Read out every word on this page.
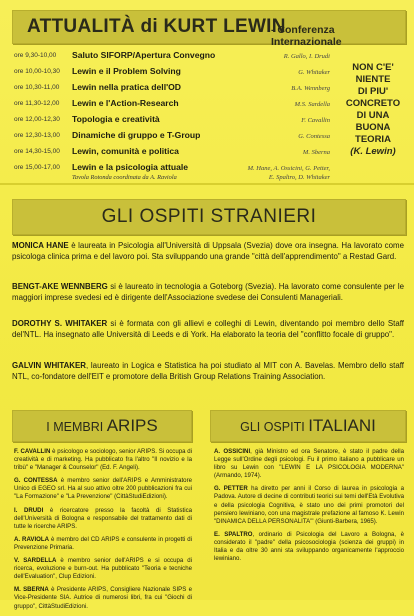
ATTUALITÀ di KURT LEWIN
- Conferenza Internazionale
ore 9,30-10,00 Saluto SIFORP/Apertura Convegno	R. Gallo, I. Drudi
ore 10,00-10,30 Lewin e il Problem Solving	G. Whitaker
ore 10,30-11,00 Lewin nella pratica dell'OD	B.A. Wennberg
ore 11,30-12,00 Lewin e l'Action-Research	M.S. Sardella
ore 12,00-12,30 Topologia e creatività	F. Cavallin
ore 12,30-13,00 Dinamiche di gruppo e T-Group	G. Contessa
ore 14,30-15,00 Lewin, comunità e politica	M. Sberna
ore 15,00-17,00 Lewin e la psicologia attuale	M. Hane, A. Ossicini, G. Petter,
E. Spaltro, D. Whitaker
Tavola Rotonda coordinata da A. Raviola
NON C'E'
NIENTE
DI PIU'
CONCRETO
DI UNA
BUONA
TEORIA
(K. Lewin)
GLI OSPITI STRANIERI
MONICA HANE è laureata in Psicologia all'Università di Uppsala (Svezia) dove ora insegna. Ha lavorato come psicologa clinica prima e del lavoro poi. Sta sviluppando una grande "città dell'apprendimento" a Restad Gard.
BENGT-AKE WENNBERG si è laureato in tecnologia a Goteborg (Svezia). Ha lavorato come consulente per le maggiori imprese svedesi ed è dirigente dell'Associazione svedese dei Consulenti Manageriali.
DOROTHY S. WHITAKER si è formata con gli allievi e colleghi di Lewin, diventando poi membro dello Staff del'NTL. Ha insegnato alle Università di Leeds e di York. Ha elaborato la teoria del "conflitto focale di gruppo".
GALVIN WHITAKER, laureato in Logica e Statistica ha poi studiato al MIT con A. Bavelas. Membro dello staff NTL, co-fondatore dell'EIT e promotore della British Group Relations Training Association.
I MEMBRI ARIPS	GLI OSPITI ITALIANI

F. CAVALLIN è psicologo e sociologo, senior ARIPS. Si occupa di creatività e di marketing. Ha pubblicato fra l'altro "Il novizio e la tribù" e "Manager & Counselor" (Ed. F. Angeli).

G. CONTESSA è membro senior dell'ARIPS e Amministratore Unico di EGEO srl. Ha al suo attivo oltre 200 pubblicazioni fra cui "La Formazione" e "La Prevenzione" (CittàStudiEdizioni).

I. DRUDI è ricercatore presso la facoltà di Statistica dell'Università di Bologna e responsabile del trattamento dati di tutte le ricerche ARIPS.

A. RAVIOLA è membro del CD ARIPS e consulente in progetti di Prevenzione Primaria.

V. SARDELLA è membro senior dell'ARIPS e si occupa di ricerca, evoluzione e burn-out. Ha pubblicato "Teoria e tecniche dell'Evaluation", Clup Edizioni.

M. SBERNA è Presidente ARIPS, Consigliere Nazionale SIPS e Vice-Presidente SIA. Autrice di numerosi libri, fra cui "Giochi di gruppo", CittàStudiEdizioni.

A. OSSICINI, già Ministro ed ora Senatore, è stato il padre della Legge sull'Ordine degli psicologi. Fu il primo italiano a pubblicare un libro su Lewin con "LEWIN E LA PSICOLOGIA MODERNA" (Armando, 1974).

G. PETTER ha diretto per anni il Corso di laurea in psicologia a Padova. Autore di decine di contributi teorici sui temi dell'Età Evolutiva e della psicologia Cognitiva, è stato uno dei primi promotori del pensiero lewiniano, con una magistrale prefazione al famoso K. Lewin "DINAMICA DELLA PERSONALITA'" (Giunti-Barbera, 1965).

E. SPALTRO, ordinario di Psicologia del Lavoro a Bologna, è considerato il "padre" della psicosociologia (scienza dei gruppi) in Italia e da oltre 30 anni sta sviluppando organicamente l'approccio lewiniano.
